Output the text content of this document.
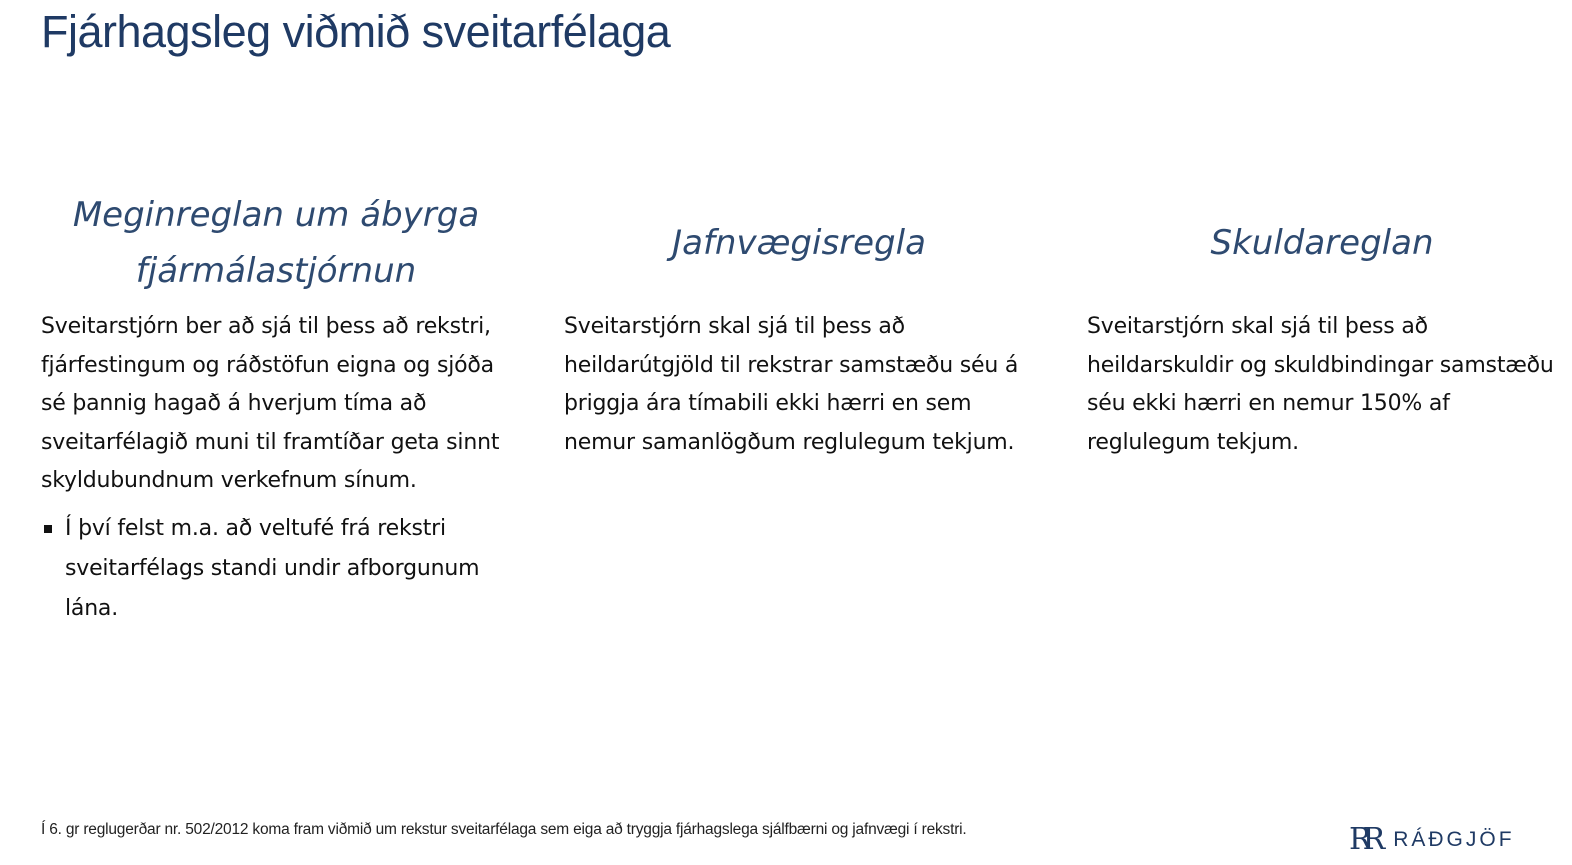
Fjárhagsleg viðmið sveitarfélaga
Meginreglan um ábyrga
fjármálastjórnun

Sveitarstjórn ber að sjá til þess að rekstri, fjárfestingum og ráðstöfun eigna og sjóða sé þannig hagað á hverjum tíma að sveitarfélagið muni til framtíðar geta sinnt skyldubundnum verkefnum sínum.

Í því felst m.a. að veltufé frá rekstri sveitarfélags standi undir afborgunum lána.
Jafnvægisregla

Sveitarstjórn skal sjá til þess að heildarútgjöld til rekstrar samstæðu séu á þriggja ára tímabili ekki hærri en sem nemur samanlögðum reglulegum tekjum.

Skuldareglan

Sveitarstjórn skal sjá til þess að heildarskuldir og skuldbindingar samstæðu séu ekki hærri en nemur 150% af reglulegum tekjum.

Í 6. gr reglugerðar nr. 502/2012 koma fram viðmið um rekstur sveitarfélaga sem eiga að tryggja fjárhagslega sjálfbærni og jafnvægi í rekstri.	RR RÁÐGJÖF
